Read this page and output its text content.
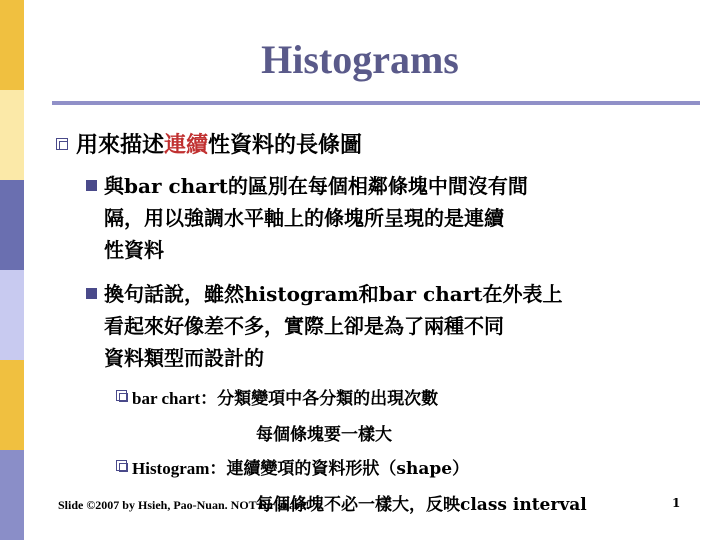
Histograms
用來描述連續性資料的長條圖
與bar chart的區別在每個相鄰條塊中間沒有間
隔，用以強調水平軸上的條塊所呈現的是連續
性資料
換句話說，雖然histogram和bar chart在外表上
看起來好像差不多，實際上卻是為了兩種不同
資料類型而設計的
bar chart：分類變項中各分類的出現次數
每個條塊要一樣大
Histogram：連續變項的資料形狀（shape）
每個條塊不必一樣大，反映class interval
Slide ©2007 by Hsieh, Pao-Nuan. NOT for share!	1
